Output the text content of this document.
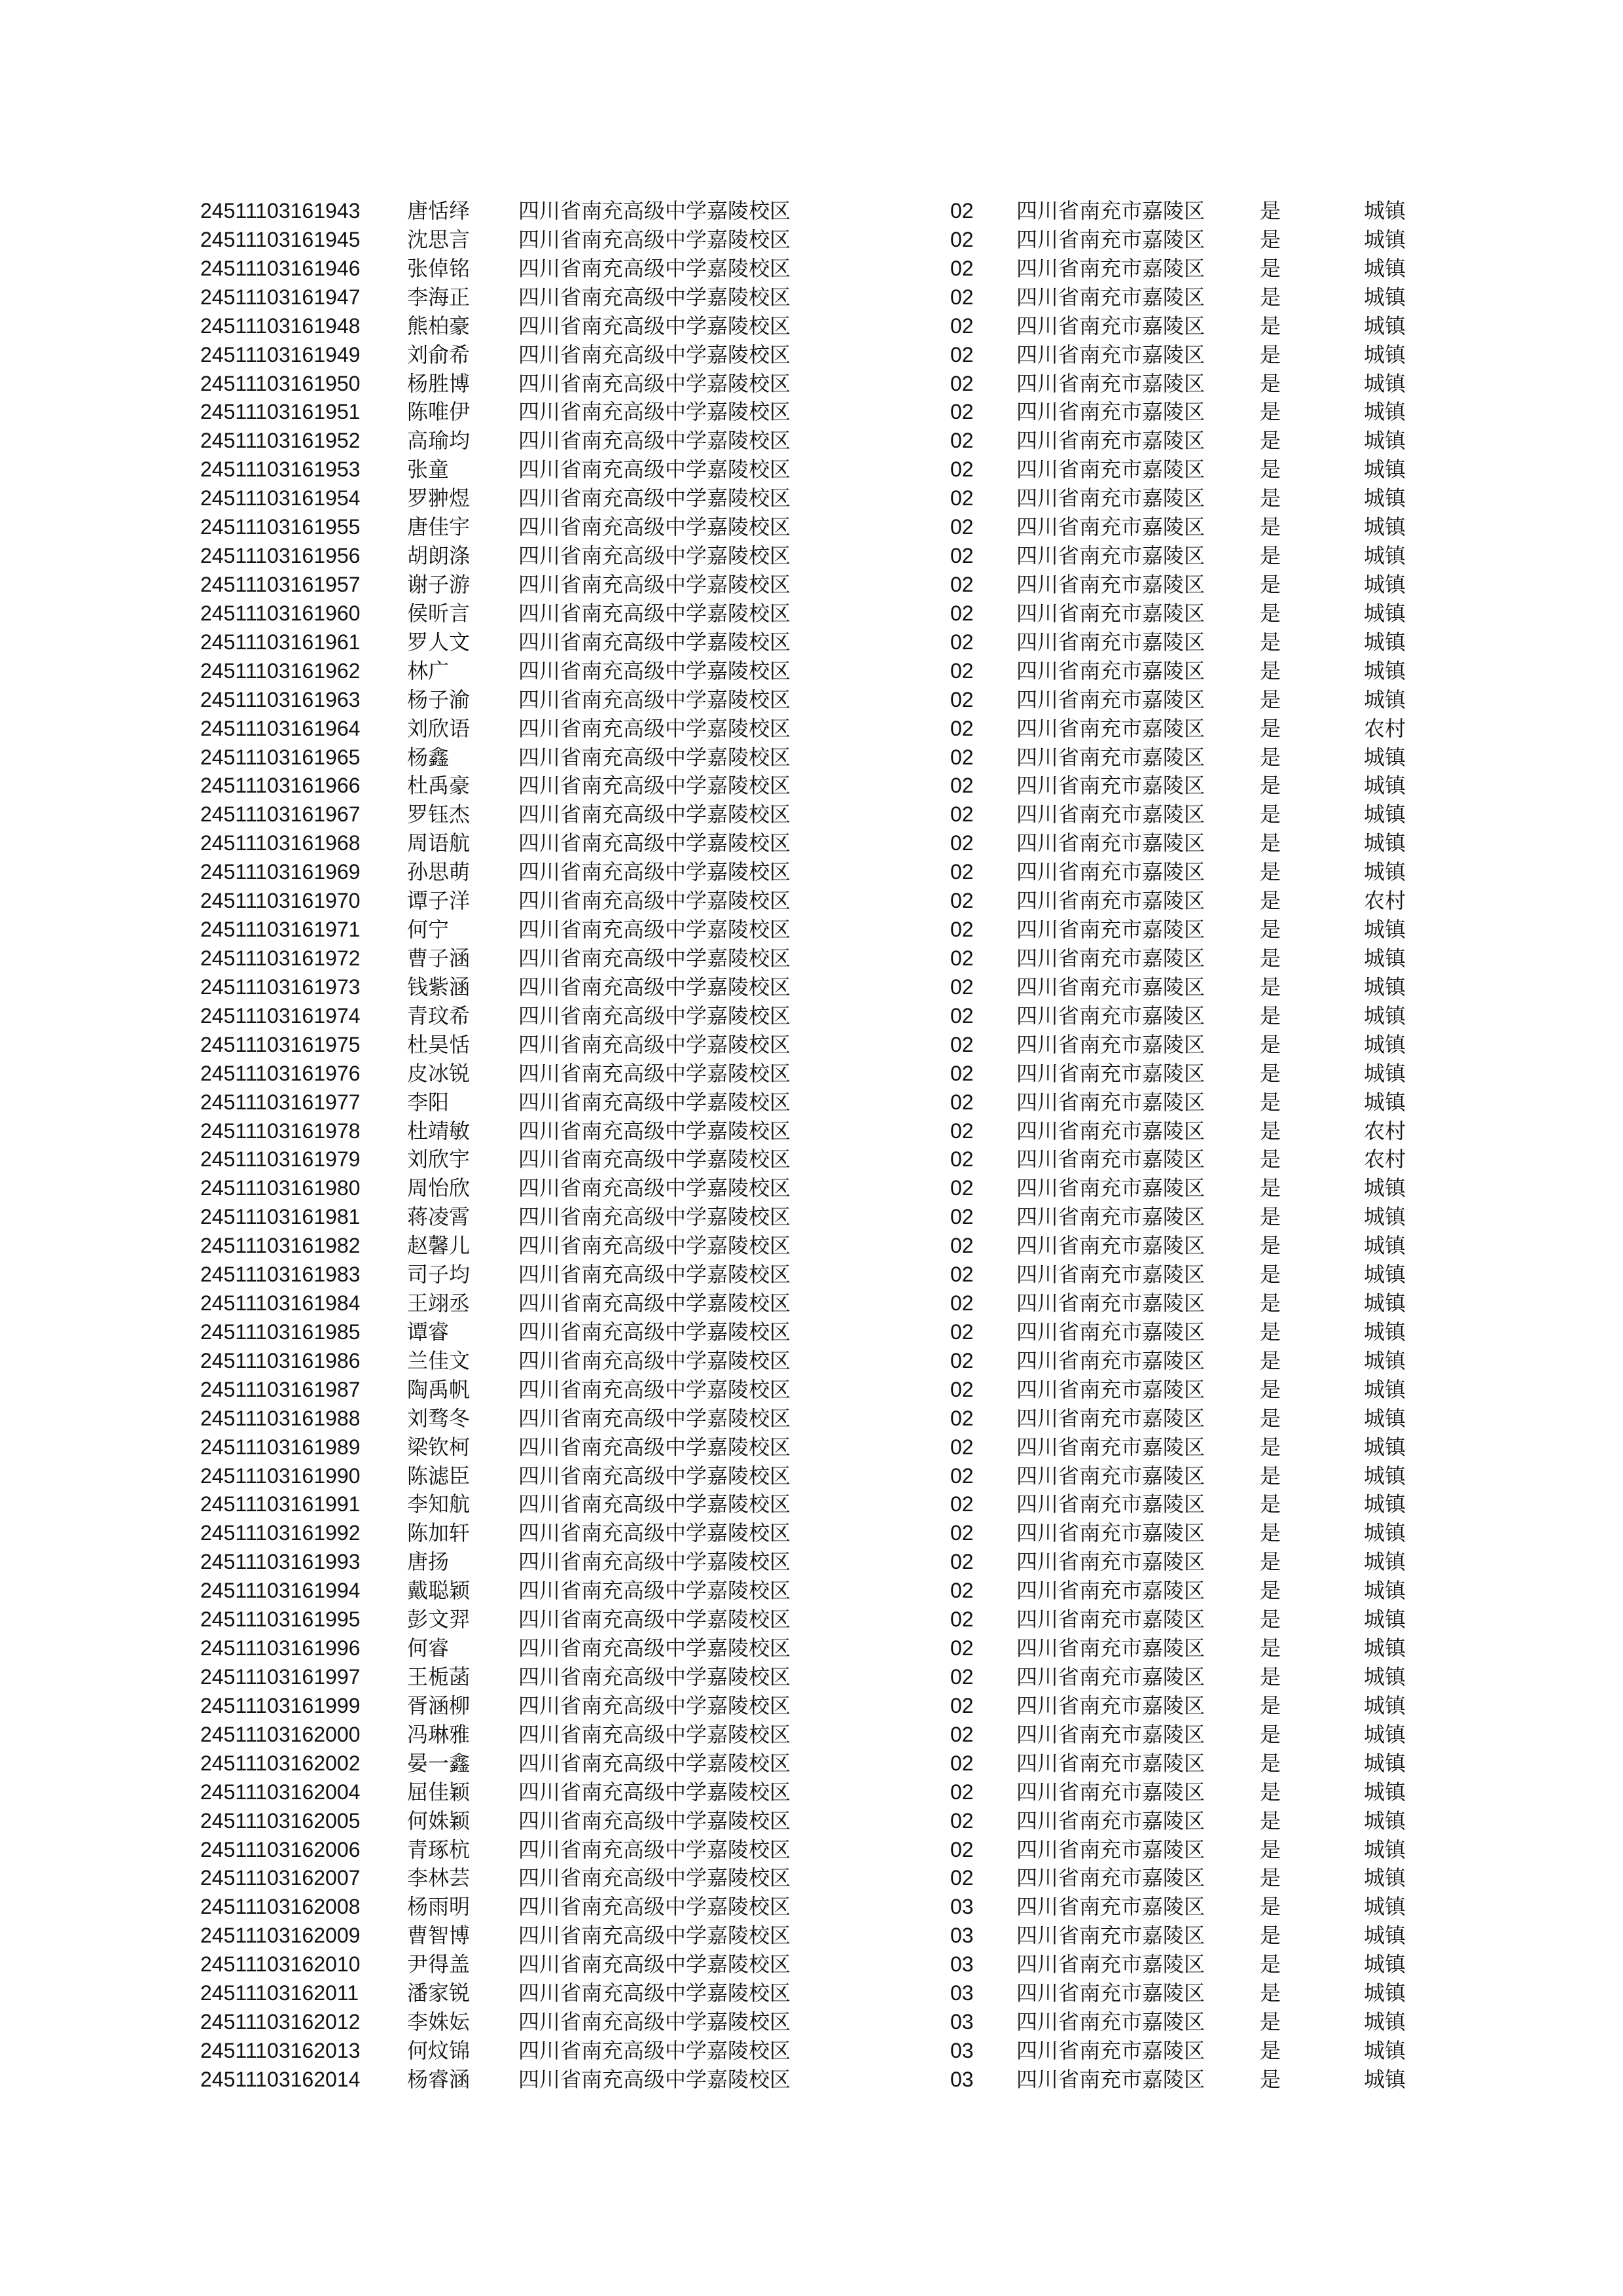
24511103161943 唐恬绎 四川省南充高级中学嘉陵校区	02 四川省南充市嘉陵区	是	城镇
24511103161945 沈思言 四川省南充高级中学嘉陵校区	02 四川省南充市嘉陵区	是	城镇
24511103161946 张倬铭 四川省南充高级中学嘉陵校区	02 四川省南充市嘉陵区	是	城镇
24511103161947 李海正 四川省南充高级中学嘉陵校区	02 四川省南充市嘉陵区	是	城镇
24511103161948 熊柏豪 四川省南充高级中学嘉陵校区	02 四川省南充市嘉陵区	是	城镇
24511103161949 刘俞希 四川省南充高级中学嘉陵校区	02 四川省南充市嘉陵区	是	城镇
24511103161950 杨胜博 四川省南充高级中学嘉陵校区	02 四川省南充市嘉陵区	是	城镇
24511103161951 陈唯伊 四川省南充高级中学嘉陵校区	02 四川省南充市嘉陵区	是	城镇
24511103161952 高瑜均 四川省南充高级中学嘉陵校区	02 四川省南充市嘉陵区	是	城镇
24511103161953 张童	四川省南充高级中学嘉陵校区	02 四川省南充市嘉陵区	是	城镇
24511103161954 罗翀煜 四川省南充高级中学嘉陵校区	02 四川省南充市嘉陵区	是	城镇
24511103161955 唐佳宇 四川省南充高级中学嘉陵校区	02 四川省南充市嘉陵区	是	城镇
24511103161956 胡朗涤 四川省南充高级中学嘉陵校区	02 四川省南充市嘉陵区	是	城镇
24511103161957 谢子游 四川省南充高级中学嘉陵校区	02 四川省南充市嘉陵区	是	城镇
24511103161960 侯昕言 四川省南充高级中学嘉陵校区	02 四川省南充市嘉陵区	是	城镇
24511103161961 罗人文 四川省南充高级中学嘉陵校区	02 四川省南充市嘉陵区	是	城镇
24511103161962 林广	四川省南充高级中学嘉陵校区	02 四川省南充市嘉陵区	是	城镇
24511103161963 杨子渝 四川省南充高级中学嘉陵校区	02 四川省南充市嘉陵区	是	城镇
24511103161964 刘欣语 四川省南充高级中学嘉陵校区	02 四川省南充市嘉陵区	是	农村
24511103161965 杨鑫	四川省南充高级中学嘉陵校区	02 四川省南充市嘉陵区	是	城镇
24511103161966 杜禹豪 四川省南充高级中学嘉陵校区	02 四川省南充市嘉陵区	是	城镇
24511103161967 罗钰杰 四川省南充高级中学嘉陵校区	02 四川省南充市嘉陵区	是	城镇
24511103161968 周语航 四川省南充高级中学嘉陵校区	02 四川省南充市嘉陵区	是	城镇
24511103161969 孙思萌 四川省南充高级中学嘉陵校区	02 四川省南充市嘉陵区	是	城镇
24511103161970 谭子洋 四川省南充高级中学嘉陵校区	02 四川省南充市嘉陵区	是	农村
24511103161971 何宁	四川省南充高级中学嘉陵校区	02 四川省南充市嘉陵区	是	城镇
24511103161972 曹子涵 四川省南充高级中学嘉陵校区	02 四川省南充市嘉陵区	是	城镇
24511103161973 钱紫涵 四川省南充高级中学嘉陵校区	02 四川省南充市嘉陵区	是	城镇
24511103161974 青玟希 四川省南充高级中学嘉陵校区	02 四川省南充市嘉陵区	是	城镇
24511103161975 杜昊恬 四川省南充高级中学嘉陵校区	02 四川省南充市嘉陵区	是	城镇
24511103161976 皮冰锐 四川省南充高级中学嘉陵校区	02 四川省南充市嘉陵区	是	城镇
24511103161977 李阳	四川省南充高级中学嘉陵校区	02 四川省南充市嘉陵区	是	城镇
24511103161978 杜靖敏 四川省南充高级中学嘉陵校区	02 四川省南充市嘉陵区	是	农村
24511103161979 刘欣宇 四川省南充高级中学嘉陵校区	02 四川省南充市嘉陵区	是	农村
24511103161980 周怡欣 四川省南充高级中学嘉陵校区	02 四川省南充市嘉陵区	是	城镇
24511103161981 蒋凌霄 四川省南充高级中学嘉陵校区	02 四川省南充市嘉陵区	是	城镇
24511103161982 赵馨儿 四川省南充高级中学嘉陵校区	02 四川省南充市嘉陵区	是	城镇
24511103161983 司子均 四川省南充高级中学嘉陵校区	02 四川省南充市嘉陵区	是	城镇
24511103161984 王翊丞 四川省南充高级中学嘉陵校区	02 四川省南充市嘉陵区	是	城镇
24511103161985 谭睿	四川省南充高级中学嘉陵校区	02 四川省南充市嘉陵区	是	城镇
24511103161986 兰佳文 四川省南充高级中学嘉陵校区	02 四川省南充市嘉陵区	是	城镇
24511103161987 陶禹帆 四川省南充高级中学嘉陵校区	02 四川省南充市嘉陵区	是	城镇
24511103161988 刘骛冬 四川省南充高级中学嘉陵校区	02 四川省南充市嘉陵区	是	城镇
24511103161989 梁钦柯 四川省南充高级中学嘉陵校区	02 四川省南充市嘉陵区	是	城镇
24511103161990 陈滤臣 四川省南充高级中学嘉陵校区	02 四川省南充市嘉陵区	是	城镇
24511103161991 李知航 四川省南充高级中学嘉陵校区	02 四川省南充市嘉陵区	是	城镇
24511103161992 陈加轩 四川省南充高级中学嘉陵校区	02 四川省南充市嘉陵区	是	城镇
24511103161993 唐扬	四川省南充高级中学嘉陵校区	02 四川省南充市嘉陵区	是	城镇
24511103161994 戴聪颖 四川省南充高级中学嘉陵校区	02 四川省南充市嘉陵区	是	城镇
24511103161995 彭文羿 四川省南充高级中学嘉陵校区	02 四川省南充市嘉陵区	是	城镇
24511103161996 何睿	四川省南充高级中学嘉陵校区	02 四川省南充市嘉陵区	是	城镇
24511103161997 王栀菡 四川省南充高级中学嘉陵校区	02 四川省南充市嘉陵区	是	城镇
24511103161999 胥涵柳 四川省南充高级中学嘉陵校区	02 四川省南充市嘉陵区	是	城镇
24511103162000 冯琳雅 四川省南充高级中学嘉陵校区	02 四川省南充市嘉陵区	是	城镇
24511103162002 晏一鑫 四川省南充高级中学嘉陵校区	02 四川省南充市嘉陵区	是	城镇
24511103162004 屈佳颖 四川省南充高级中学嘉陵校区	02 四川省南充市嘉陵区	是	城镇
24511103162005 何姝颖 四川省南充高级中学嘉陵校区	02 四川省南充市嘉陵区	是	城镇
24511103162006 青琢杭 四川省南充高级中学嘉陵校区	02 四川省南充市嘉陵区	是	城镇
24511103162007 李林芸 四川省南充高级中学嘉陵校区	02 四川省南充市嘉陵区	是	城镇
24511103162008 杨雨明 四川省南充高级中学嘉陵校区	03 四川省南充市嘉陵区	是	城镇
24511103162009 曹智博 四川省南充高级中学嘉陵校区	03 四川省南充市嘉陵区	是	城镇
24511103162010 尹得盖 四川省南充高级中学嘉陵校区	03 四川省南充市嘉陵区	是	城镇
24511103162011 潘家锐 四川省南充高级中学嘉陵校区	03 四川省南充市嘉陵区	是	城镇
24511103162012 李姝妘 四川省南充高级中学嘉陵校区	03 四川省南充市嘉陵区	是	城镇
24511103162013 何炆锦 四川省南充高级中学嘉陵校区	03 四川省南充市嘉陵区	是	城镇
24511103162014 杨睿涵 四川省南充高级中学嘉陵校区	03 四川省南充市嘉陵区	是	城镇
